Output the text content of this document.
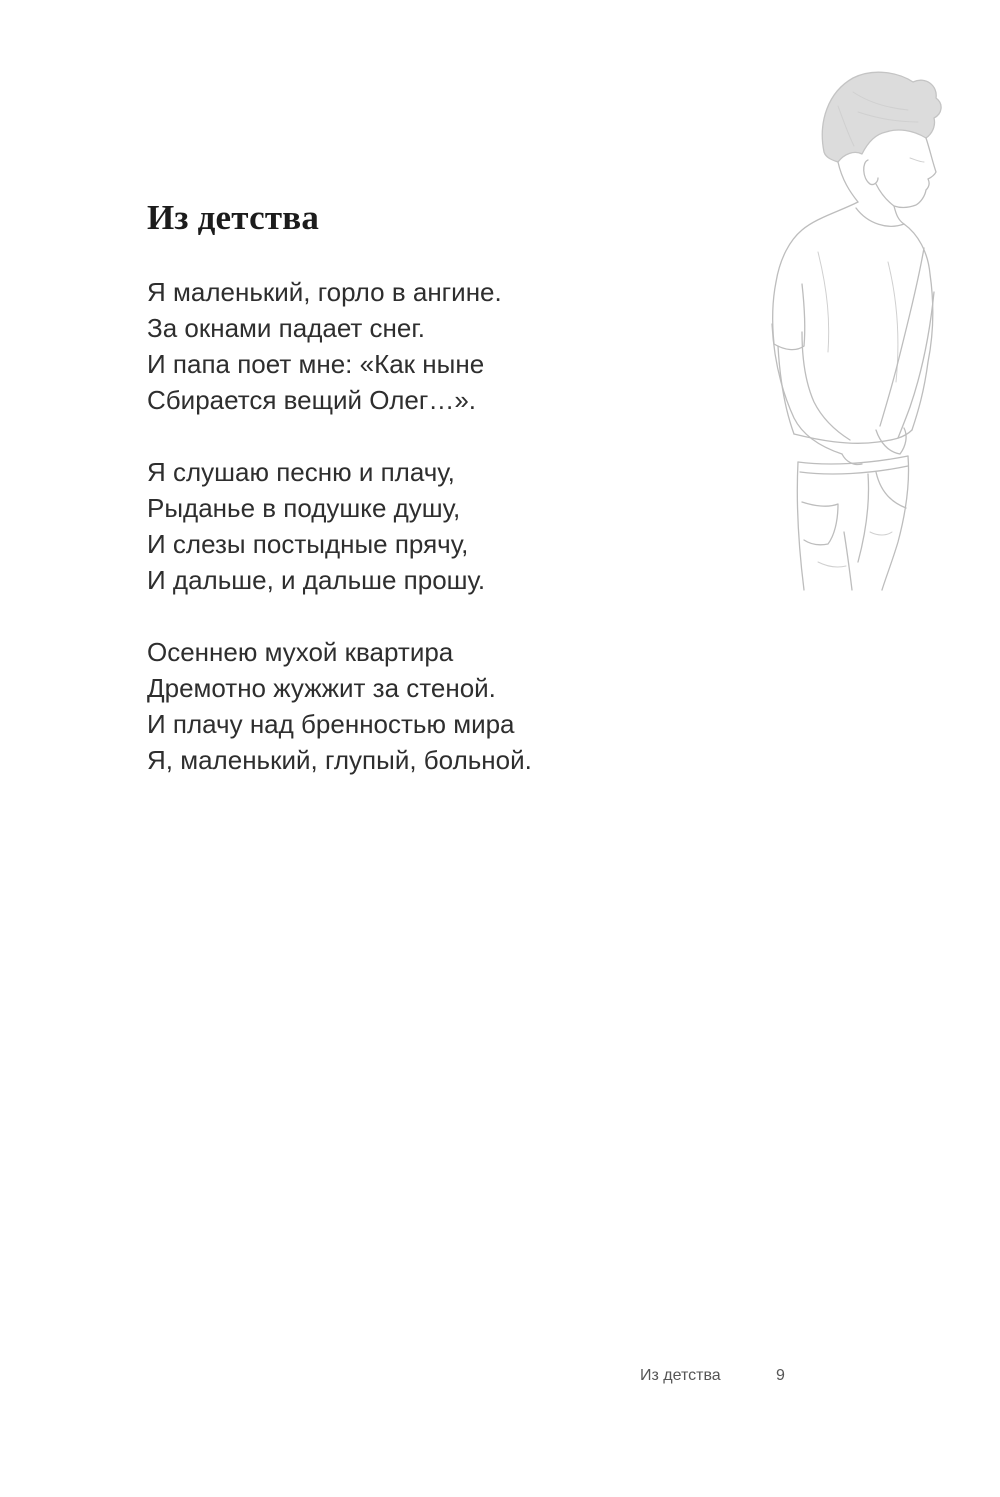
Из детства
Я маленький, горло в ангине.
За окнами падает снег.
И папа поет мне: «Как ныне
Сбирается вещий Олег…».
Я слушаю песню и плачу,
Рыданье в подушке душу,
И слезы постыдные прячу,
И дальше, и дальше прошу.
Осеннею мухой квартира
Дремотно жужжит за стеной.
И плачу над бренностью мира
Я, маленький, глупый, больной.
Из детства	9
